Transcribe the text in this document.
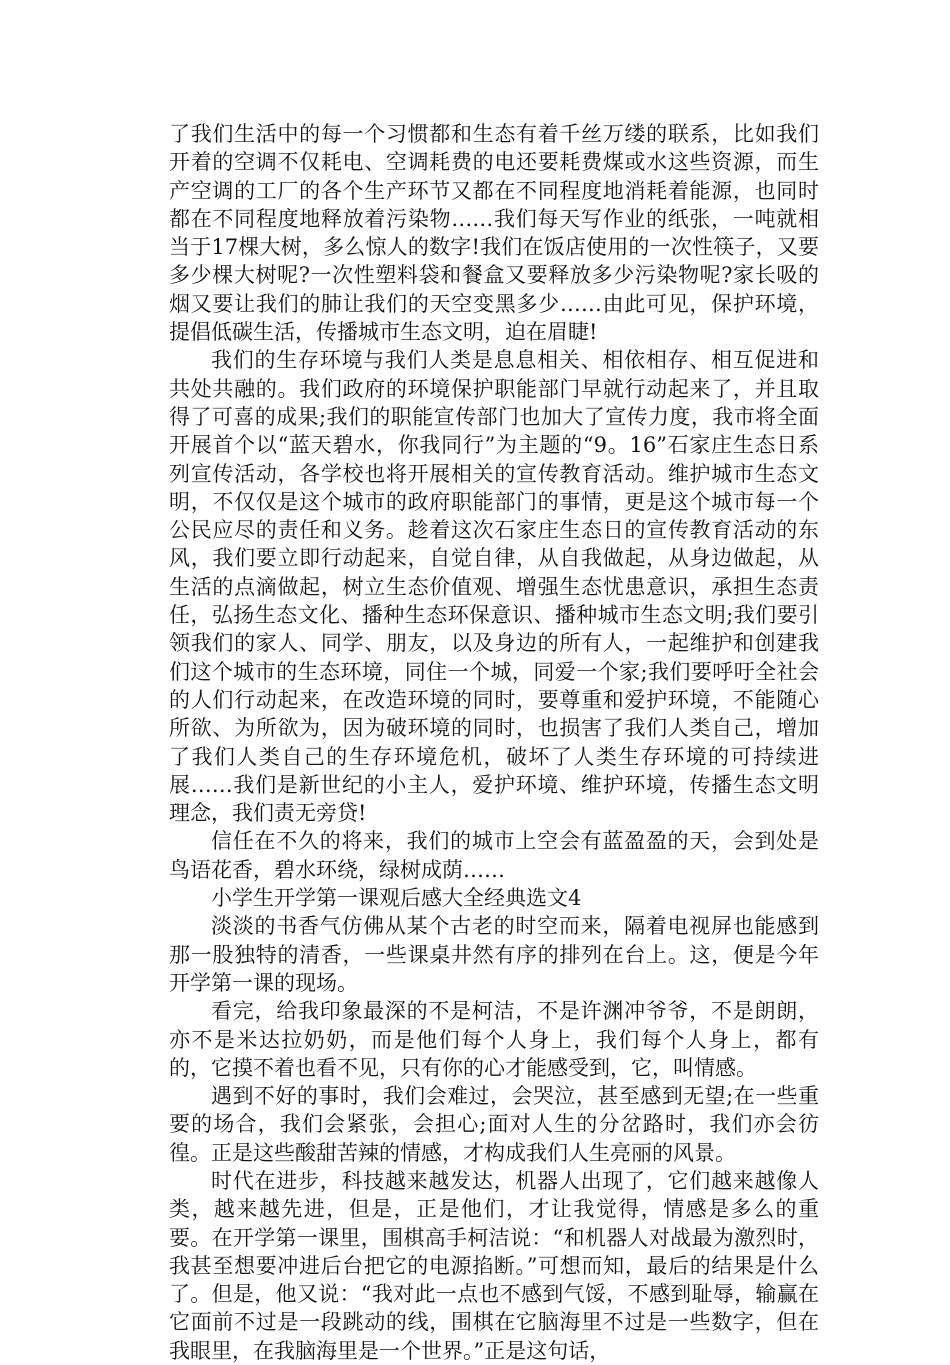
了我们生活中的每一个习惯都和生态有着千丝万缕的联系，比如我们开着的空调不仅耗电、空调耗费的电还要耗费煤或水这些资源，而生产空调的工厂的各个生产环节又都在不同程度地消耗着能源，也同时都在不同程度地释放着污染物……我们每天写作业的纸张，一吨就相当于17棵大树，多么惊人的数字!我们在饭店使用的一次性筷子，又要多少棵大树呢?一次性塑料袋和餐盒又要释放多少污染物呢?家长吸的烟又要让我们的肺让我们的天空变黑多少……由此可见，保护环境，提倡低碳生活，传播城市生态文明，迫在眉睫!

我们的生存环境与我们人类是息息相关、相依相存、相互促进和共处共融的。我们政府的环境保护职能部门早就行动起来了，并且取得了可喜的成果;我们的职能宣传部门也加大了宣传力度，我市将全面开展首个以“蓝天碧水，你我同行”为主题的“9。16”石家庄生态日系列宣传活动，各学校也将开展相关的宣传教育活动。维护城市生态文明，不仅仅是这个城市的政府职能部门的事情，更是这个城市每一个公民应尽的责任和义务。趁着这次石家庄生态日的宣传教育活动的东风，我们要立即行动起来，自觉自律，从自我做起，从身边做起，从生活的点滴做起，树立生态价值观、增强生态忧患意识，承担生态责任，弘扬生态文化、播种生态环保意识、播种城市生态文明;我们要引领我们的家人、同学、朋友，以及身边的所有人，一起维护和创建我们这个城市的生态环境，同住一个城，同爱一个家;我们要呼吁全社会的人们行动起来，在改造环境的同时，要尊重和爱护环境，不能随心所欲、为所欲为，因为破环境的同时，也损害了我们人类自己，增加了我们人类自己的生存环境危机，破坏了人类生存环境的可持续进展……我们是新世纪的小主人，爱护环境、维护环境，传播生态文明理念，我们责无旁贷!

信任在不久的将来，我们的城市上空会有蓝盈盈的天，会到处是鸟语花香，碧水环绕，绿树成荫……

小学生开学第一课观后感大全经典选文4

淡淡的书香气仿佛从某个古老的时空而来，隔着电视屏也能感到那一股独特的清香，一些课桌井然有序的排列在台上。这，便是今年开学第一课的现场。

看完，给我印象最深的不是柯洁，不是许渊冲爷爷，不是朗朗，亦不是米达拉奶奶，而是他们每个人身上，我们每个人身上，都有的，它摸不着也看不见，只有你的心才能感受到，它，叫情感。

遇到不好的事时，我们会难过，会哭泣，甚至感到无望;在一些重要的场合，我们会紧张，会担心;面对人生的分岔路时，我们亦会彷徨。正是这些酸甜苦辣的情感，才构成我们人生亮丽的风景。

时代在进步，科技越来越发达，机器人出现了，它们越来越像人类，越来越先进，但是，正是他们，才让我觉得，情感是多么的重要。在开学第一课里，围棋高手柯洁说：“和机器人对战最为激烈时，我甚至想要冲进后台把它的电源掐断。”可想而知，最后的结果是什么了。但是，他又说：“我对此一点也不感到气馁，不感到耻辱，输赢在它面前不过是一段跳动的线，围棋在它脑海里不过是一些数字，但在我眼里，在我脑海里是一个世界。”正是这句话，
